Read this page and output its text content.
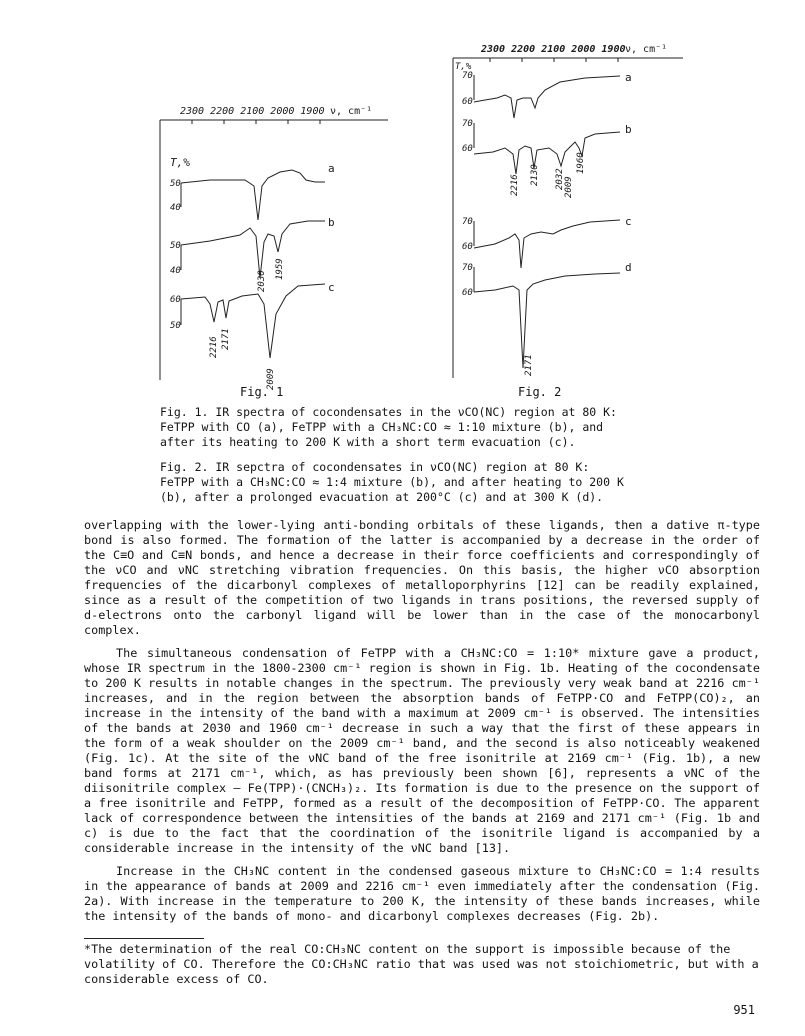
2300 2200 2100 2000 1900 ν, cm⁻¹
T,%
50
40
a
50
40
b
2030
1959
60
50
c
2216 2171
2009
Fig. 1
2300 2200 2100 2000 1900 ν, cm⁻¹
T,%
70
60
a
70
60
b
2216 2130 2032 2009
1960
70
60
c
70
60
d
2171
Fig. 2

Fig. 1. IR spectra of cocondensates in the νCO(NC) region at 80 K:

FeTPP with CO (a), FeTPP with a CH₃NC:CO ≈ 1:10 mixture (b), and

after its heating to 200 K with a short term evacuation (c).

Fig. 2. IR sepctra of cocondensates in νCO(NC) region at 80 K:

FeTPP with a CH₃NC:CO ≈ 1:4 mixture (b), and after heating to 200 K

(b), after a prolonged evacuation at 200°C (c) and at 300 K (d).

overlapping with the lower-lying anti-bonding orbitals of these ligands, then a dative π-type bond is also formed. The formation of the latter is accompanied by a decrease in the order of the C≡O and C≡N bonds, and hence a decrease in their force coefficients and correspondingly of the νCO and νNC stretching vibration frequencies. On this basis, the higher νCO absorption frequencies of the dicarbonyl complexes of metalloporphyrins [12] can be readily explained, since as a result of the competition of two ligands in trans positions, the reversed supply of d-electrons onto the carbonyl ligand will be lower than in the case of the monocarbonyl complex.

The simultaneous condensation of FeTPP with a CH₃NC:CO = 1:10* mixture gave a product, whose IR spectrum in the 1800-2300 cm⁻¹ region is shown in Fig. 1b. Heating of the cocondensate to 200 K results in notable changes in the spectrum. The previously very weak band at 2216 cm⁻¹ increases, and in the region between the absorption bands of FeTPP·CO and FeTPP(CO)₂, an increase in the intensity of the band with a maximum at 2009 cm⁻¹ is observed. The intensities of the bands at 2030 and 1960 cm⁻¹ decrease in such a way that the first of these appears in the form of a weak shoulder on the 2009 cm⁻¹ band, and the second is also noticeably weakened (Fig. 1c). At the site of the νNC band of the free isonitrile at 2169 cm⁻¹ (Fig. 1b), a new band forms at 2171 cm⁻¹, which, as has previously been shown [6], represents a νNC of the diisonitrile complex — Fe(TPP)·(CNCH₃)₂. Its formation is due to the presence on the support of a free isonitrile and FeTPP, formed as a result of the decomposition of FeTPP·CO. The apparent lack of correspondence between the intensities of the bands at 2169 and 2171 cm⁻¹ (Fig. 1b and c) is due to the fact that the coordination of the isonitrile ligand is accompanied by a considerable increase in the intensity of the νNC band [13].

Increase in the CH₃NC content in the condensed gaseous mixture to CH₃NC:CO = 1:4 results in the appearance of bands at 2009 and 2216 cm⁻¹ even immediately after the condensation (Fig. 2a). With increase in the temperature to 200 K, the intensity of these bands increases, while the intensity of the bands of mono- and dicarbonyl complexes decreases (Fig. 2b).

*The determination of the real CO:CH₃NC content on the support is impossible because of the volatility of CO. Therefore the CO:CH₃NC ratio that was used was not stoichiometric, but with a considerable excess of CO.
951
